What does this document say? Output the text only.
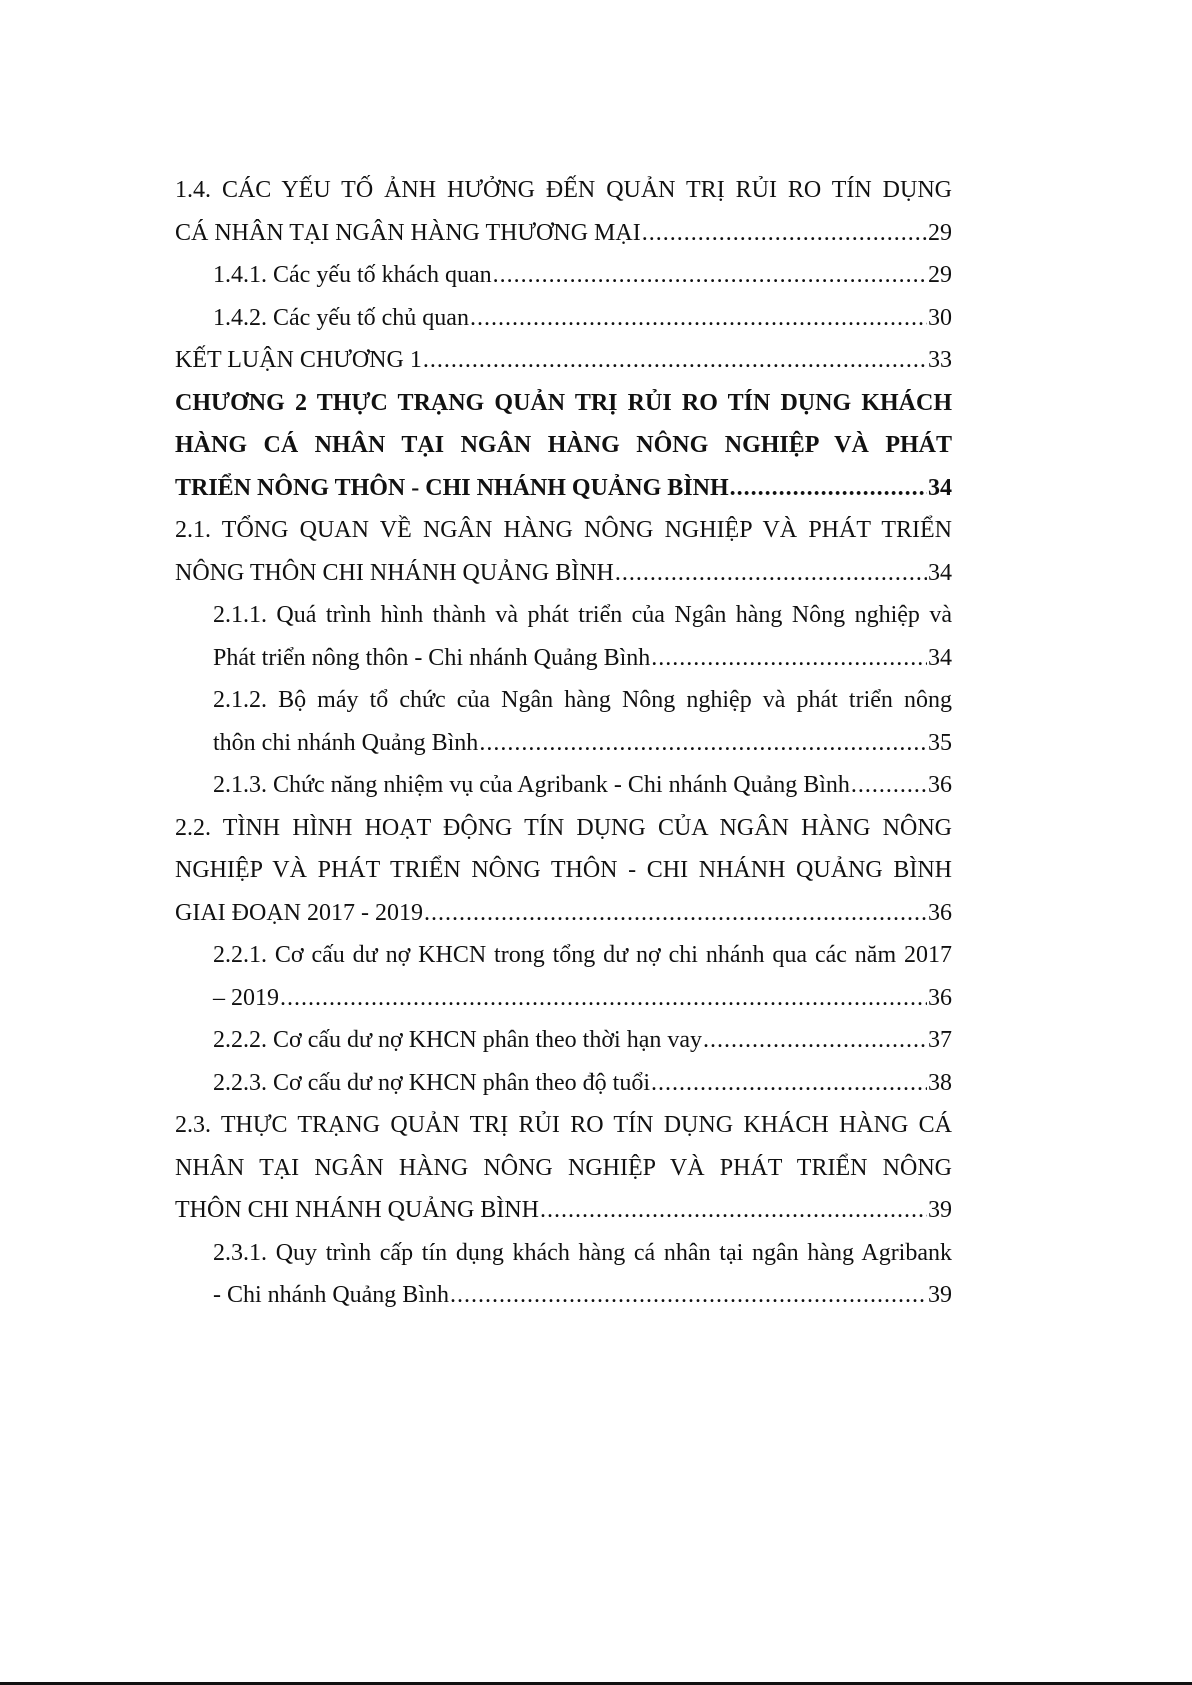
1.4. CÁC YẾU TỐ ẢNH HƯỞNG ĐẾN QUẢN TRỊ RỦI RO TÍN DỤNG
CÁ NHÂN TẠI NGÂN HÀNG THƯƠNG MẠI .....	29
1.4.1. Các yếu tố khách quan .....	29
1.4.2. Các yếu tố chủ quan .....	30
KẾT LUẬN CHƯƠNG 1 .....	33
CHƯƠNG 2 THỰC TRẠNG QUẢN TRỊ RỦI RO TÍN DỤNG KHÁCH
HÀNG CÁ NHÂN TẠI NGÂN HÀNG NÔNG NGHIỆP VÀ PHÁT
TRIỂN NÔNG THÔN - CHI NHÁNH QUẢNG BÌNH .....	34
2.1. TỔNG QUAN VỀ NGÂN HÀNG NÔNG NGHIỆP VÀ PHÁT TRIỂN
NÔNG THÔN CHI NHÁNH QUẢNG BÌNH .....	34
2.1.1. Quá trình hình thành và phát triển của Ngân hàng Nông nghiệp và
Phát triển nông thôn - Chi nhánh Quảng Bình .....	34
2.1.2. Bộ máy tổ chức của Ngân hàng Nông nghiệp và phát triển nông
thôn chi nhánh Quảng Bình .....	35
2.1.3. Chức năng nhiệm vụ của Agribank - Chi nhánh Quảng Bình .....	36
2.2. TÌNH HÌNH HOẠT ĐỘNG TÍN DỤNG CỦA NGÂN HÀNG NÔNG
NGHIỆP VÀ PHÁT TRIỂN NÔNG THÔN - CHI NHÁNH QUẢNG BÌNH
GIAI ĐOẠN 2017 - 2019 .....	36
2.2.1. Cơ cấu dư nợ KHCN trong tổng dư nợ chi nhánh qua các năm 2017
– 2019 .....	36
2.2.2. Cơ cấu dư nợ KHCN phân theo thời hạn vay .....	37
2.2.3. Cơ cấu dư nợ KHCN phân theo độ tuổi .....	38
2.3. THỰC TRẠNG QUẢN TRỊ RỦI RO TÍN DỤNG KHÁCH HÀNG CÁ
NHÂN TẠI NGÂN HÀNG NÔNG NGHIỆP VÀ PHÁT TRIỂN NÔNG
THÔN CHI NHÁNH QUẢNG BÌNH .....	39
2.3.1. Quy trình cấp tín dụng khách hàng cá nhân tại ngân hàng Agribank
- Chi nhánh Quảng Bình .....	39
